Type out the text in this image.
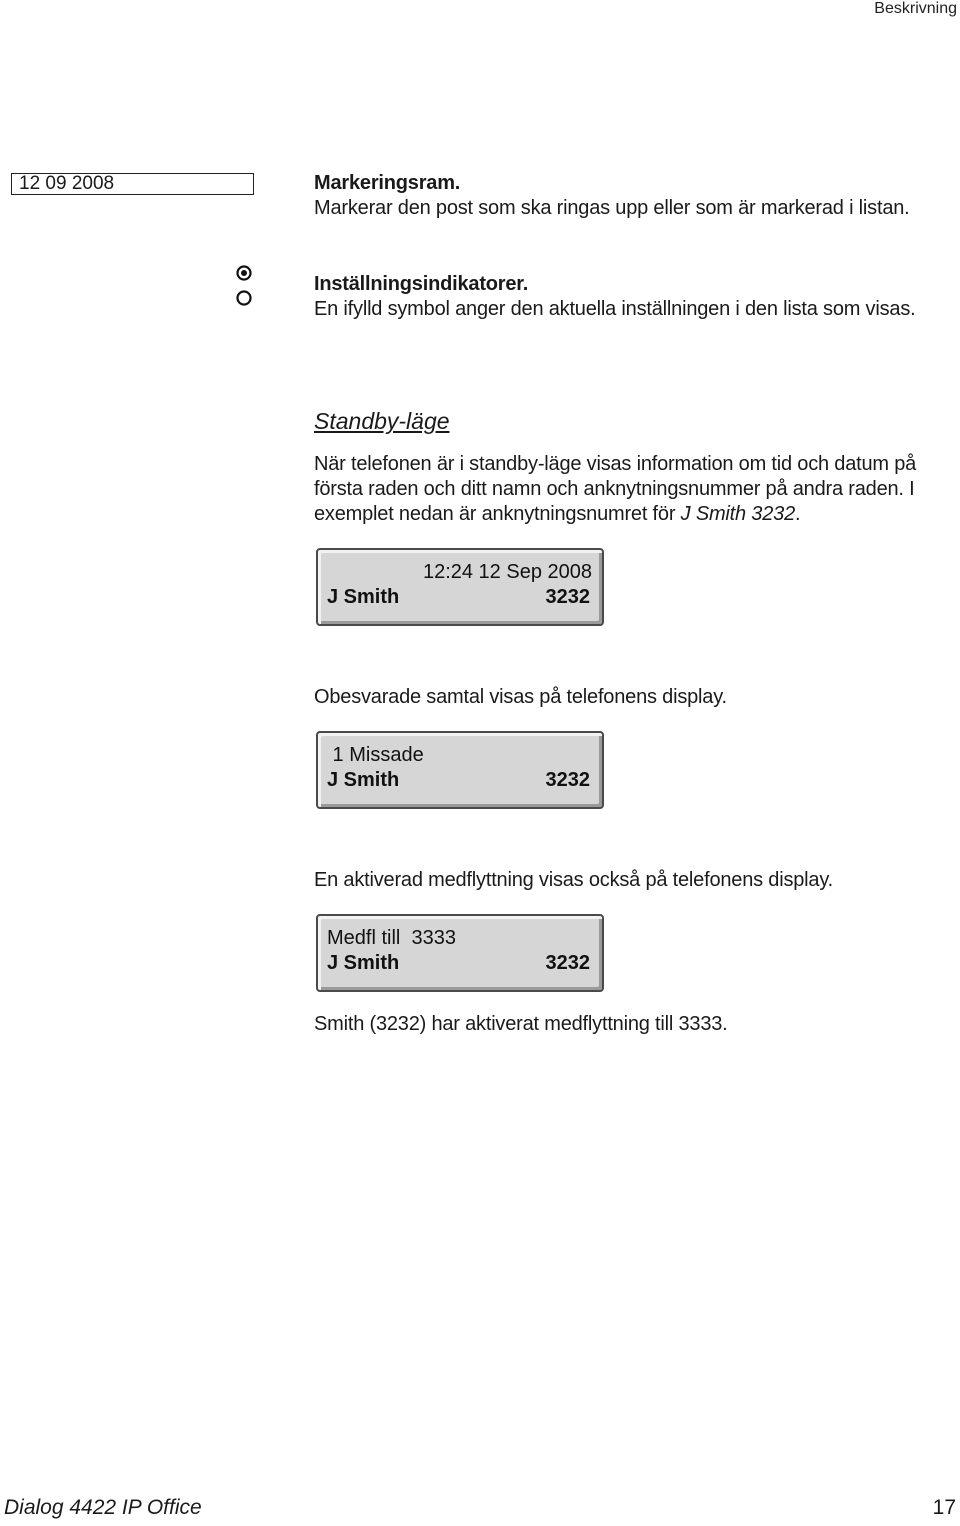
Beskrivning
12 09 2008	Markeringsram.
Markerar den post som ska ringas upp eller som är markerad i listan.
Inställningsindikatorer.
En ifylld symbol anger den aktuella inställningen i den lista som visas.
Standby-läge
När telefonen är i standby-läge visas information om tid och datum på första raden och ditt namn och anknytningsnummer på andra raden. I exemplet nedan är anknytningsnumret för J Smith 3232.
12:24 12 Sep 2008
J Smith	3232
Obesvarade samtal visas på telefonens display.
1 Missade
J Smith	3232
En aktiverad medflyttning visas också på telefonens display.
Medfl till  3333
J Smith	3232
Smith (3232) har aktiverat medflyttning till 3333.
Dialog 4422 IP Office	17
